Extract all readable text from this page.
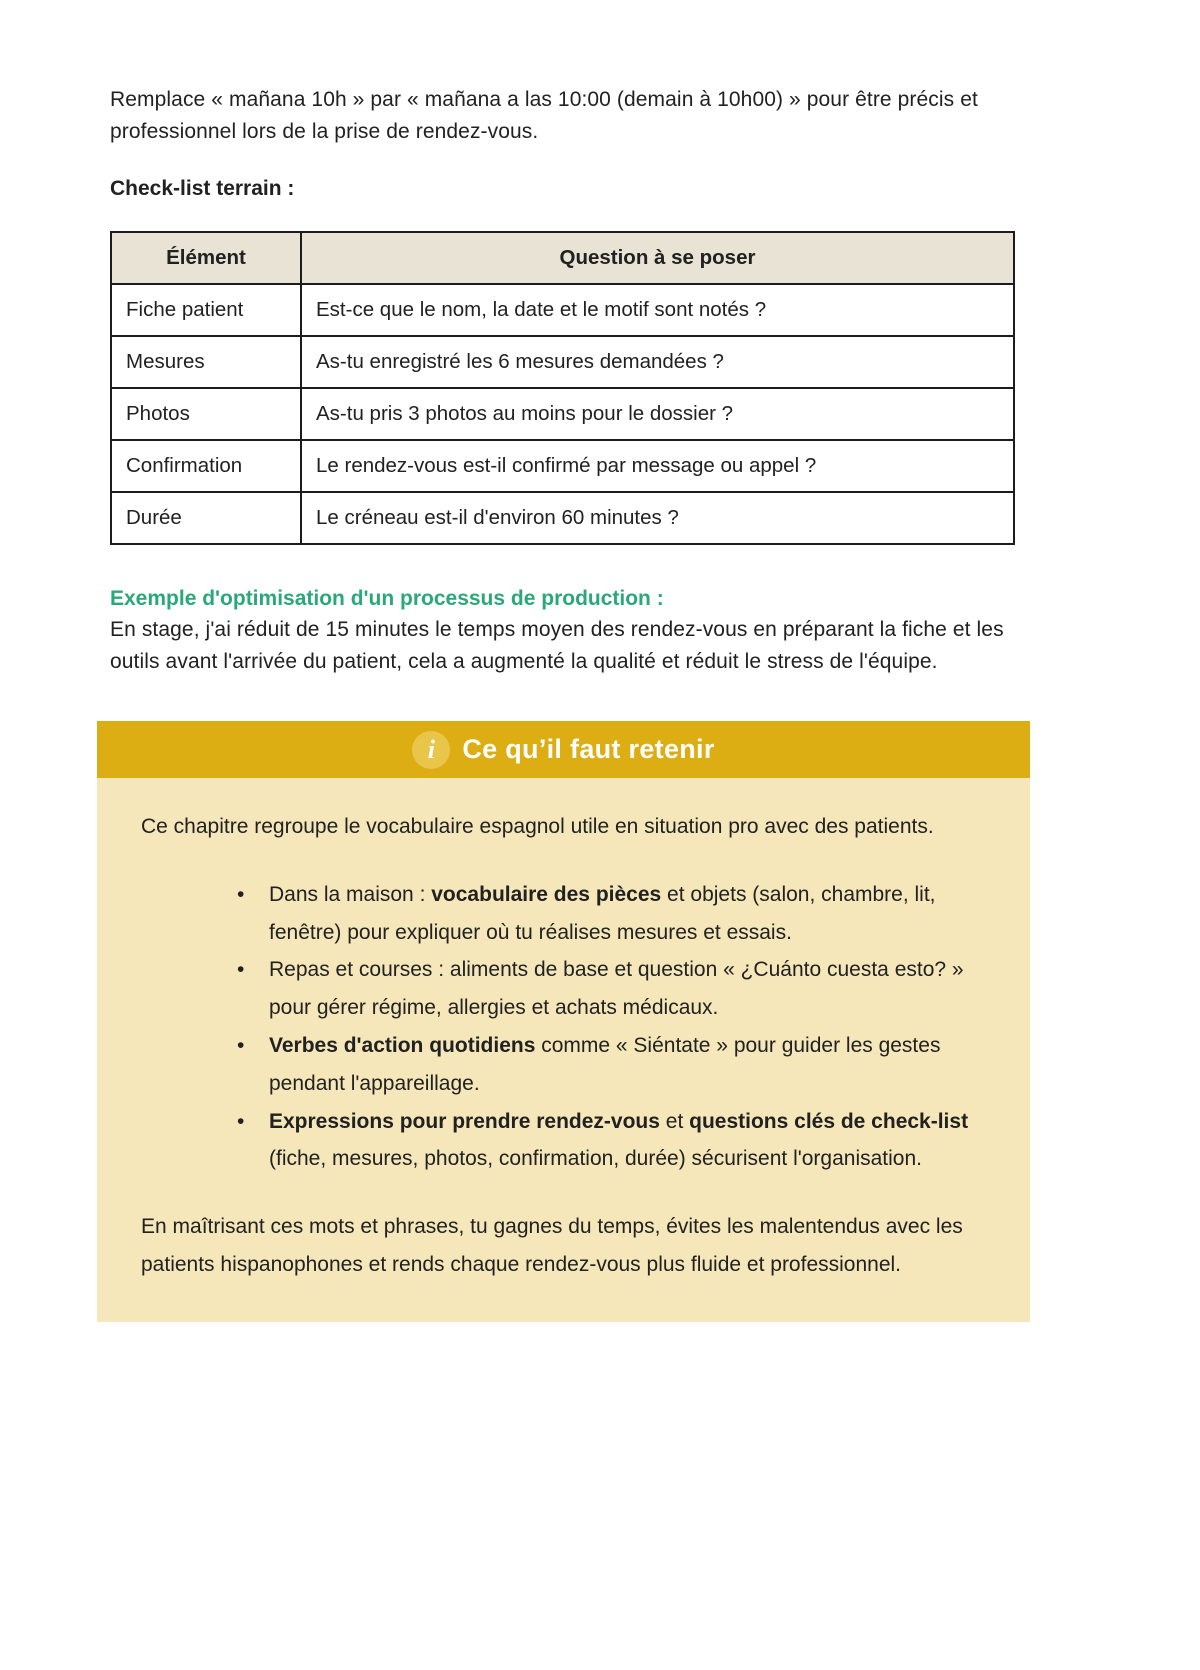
Remplace « mañana 10h » par « mañana a las 10:00 (demain à 10h00) » pour être précis et professionnel lors de la prise de rendez-vous.

Check-list terrain :

Élément	Question à se poser
Fiche patient	Est-ce que le nom, la date et le motif sont notés ?
Mesures	As-tu enregistré les 6 mesures demandées ?
Photos	As-tu pris 3 photos au moins pour le dossier ?
Confirmation	Le rendez-vous est-il confirmé par message ou appel ?
Durée	Le créneau est-il d'environ 60 minutes ?

Exemple d'optimisation d'un processus de production :

En stage, j'ai réduit de 15 minutes le temps moyen des rendez-vous en préparant la fiche et les outils avant l'arrivée du patient, cela a augmenté la qualité et réduit le stress de l'équipe.

i	Ce qu’il faut retenir

Ce chapitre regroupe le vocabulaire espagnol utile en situation pro avec des patients.

• Dans la maison : vocabulaire des pièces et objets (salon, chambre, lit, fenêtre) pour expliquer où tu réalises mesures et essais.
• Repas et courses : aliments de base et question « ¿Cuánto cuesta esto? » pour gérer régime, allergies et achats médicaux.
• Verbes d'action quotidiens comme « Siéntate » pour guider les gestes pendant l'appareillage.
• Expressions pour prendre rendez-vous et questions clés de check-list (fiche, mesures, photos, confirmation, durée) sécurisent l'organisation.

En maîtrisant ces mots et phrases, tu gagnes du temps, évites les malentendus avec les patients hispanophones et rends chaque rendez-vous plus fluide et professionnel.
